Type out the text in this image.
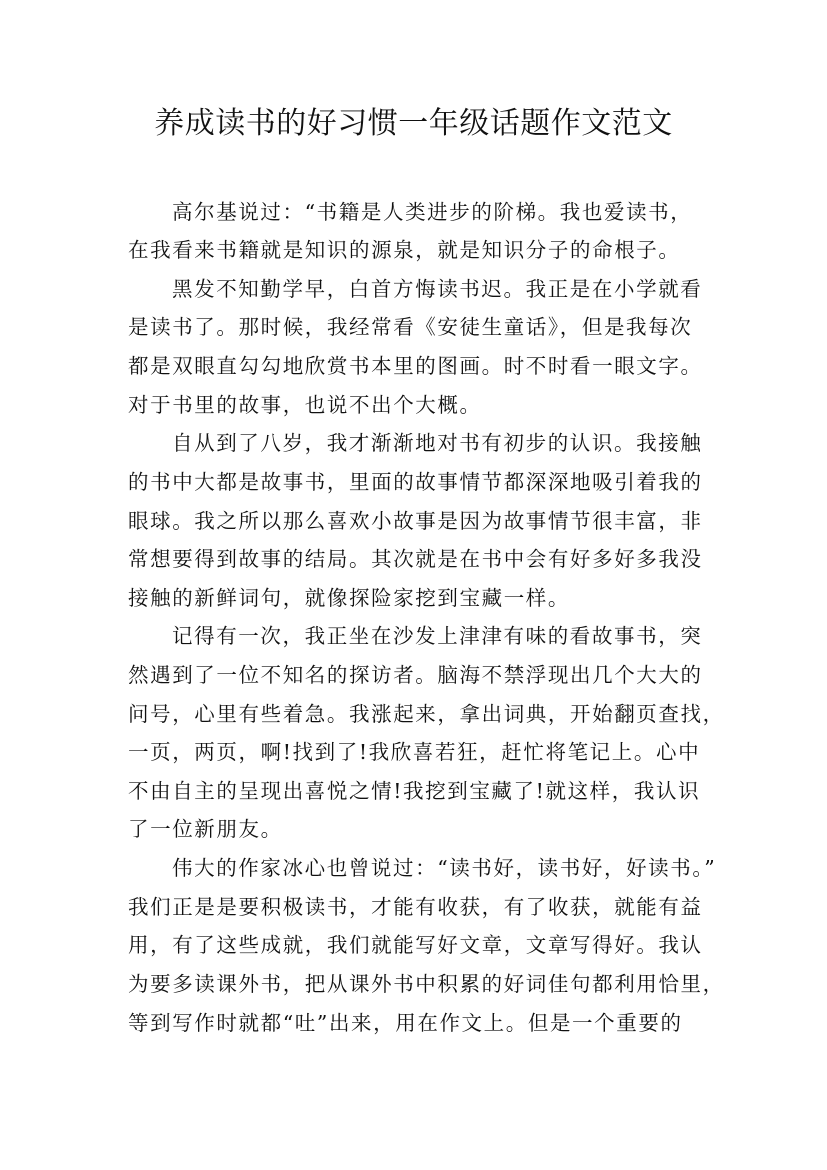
养成读书的好习惯一年级话题作文范文
高尔基说过：“书籍是人类进步的阶梯。我也爱读书，
在我看来书籍就是知识的源泉，就是知识分子的命根子。
黑发不知勤学早，白首方悔读书迟。我正是在小学就看
是读书了。那时候，我经常看《安徒生童话》，但是我每次
都是双眼直勾勾地欣赏书本里的图画。时不时看一眼文字。
对于书里的故事，也说不出个大概。
自从到了八岁，我才渐渐地对书有初步的认识。我接触
的书中大都是故事书，里面的故事情节都深深地吸引着我的
眼球。我之所以那么喜欢小故事是因为故事情节很丰富，非
常想要得到故事的结局。其次就是在书中会有好多好多我没
接触的新鲜词句，就像探险家挖到宝藏一样。
记得有一次，我正坐在沙发上津津有味的看故事书，突
然遇到了一位不知名的探访者。脑海不禁浮现出几个大大的
问号，心里有些着急。我涨起来，拿出词典，开始翻页查找，
一页，两页，啊!找到了!我欣喜若狂，赶忙将笔记上。心中
不由自主的呈现出喜悦之情!我挖到宝藏了!就这样，我认识
了一位新朋友。
伟大的作家冰心也曾说过：“读书好，读书好，好读书。”
我们正是是要积极读书，才能有收获，有了收获，就能有益
用，有了这些成就，我们就能写好文章，文章写得好。我认
为要多读课外书，把从课外书中积累的好词佳句都利用恰里，
等到写作时就都“吐”出来，用在作文上。但是一个重要的
